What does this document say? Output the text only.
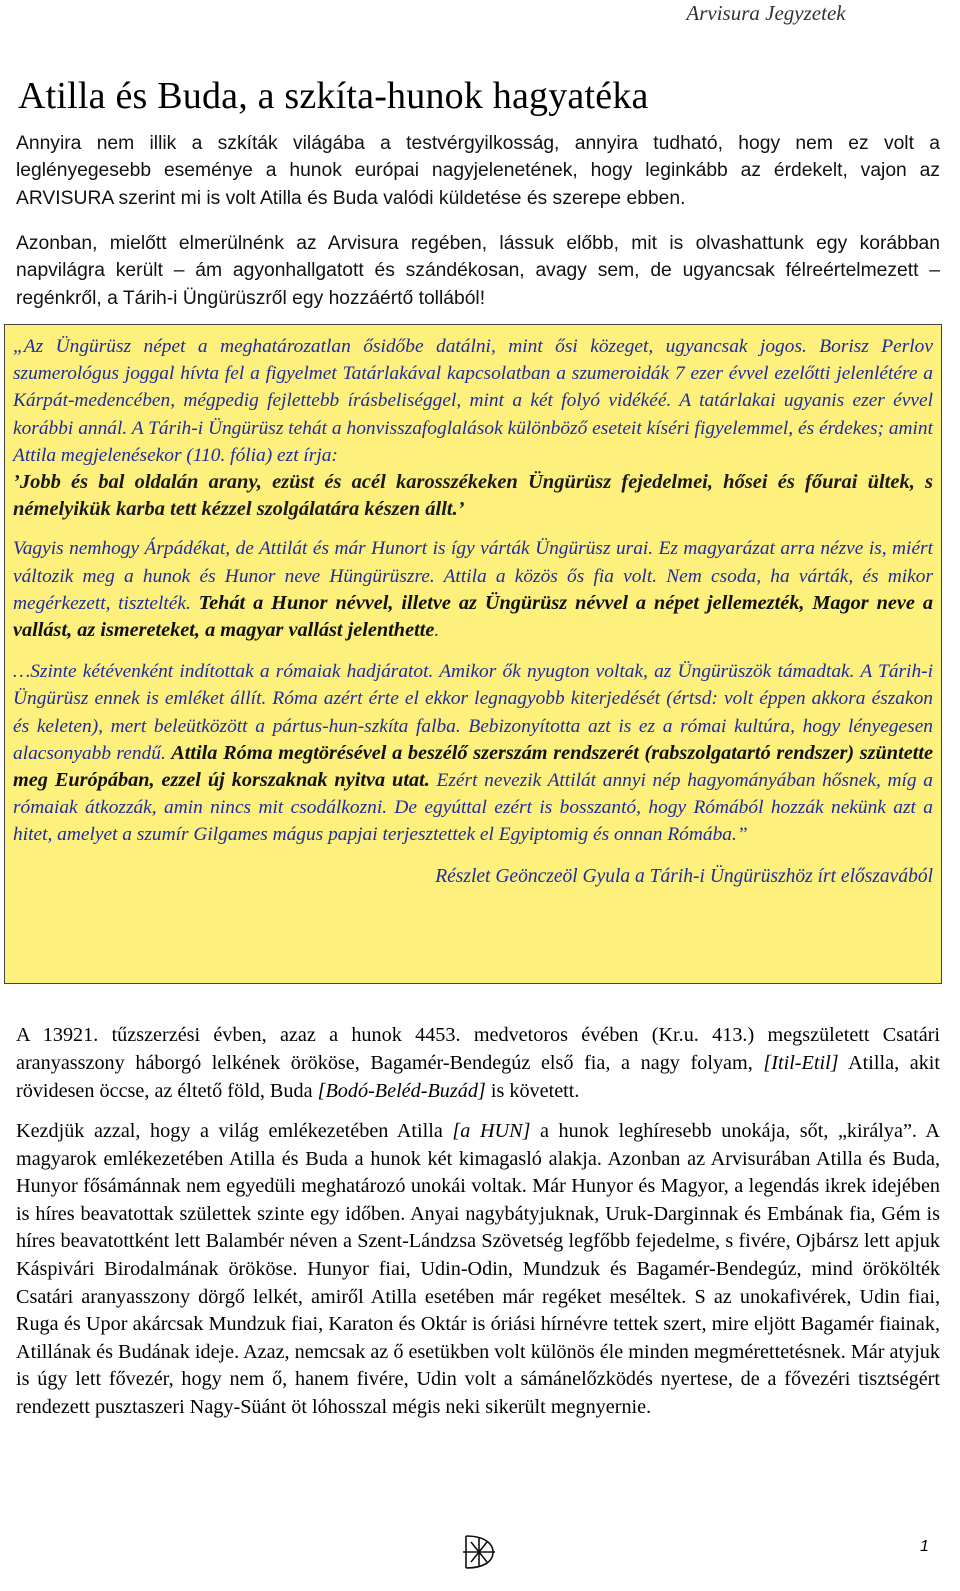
Arvisura Jegyzetek
Atilla és Buda, a szkíta-hunok hagyatéka

Annyira nem illik a szkíták világába a testvérgyilkosság, annyira tudható, hogy nem ez volt a leglényegesebb eseménye a hunok európai nagyjelenetének, hogy leginkább az érdekelt, vajon az ARVISURA szerint mi is volt Atilla és Buda valódi küldetése és szerepe ebben.

Azonban, mielőtt elmerülnénk az Arvisura regében, lássuk előbb, mit is olvashattunk egy korábban napvilágra került – ám agyonhallgatott és szándékosan, avagy sem, de ugyancsak félreértelmezett – regénkről, a Tárih-i Üngürüszről egy hozzáértő tollából!

„Az Üngürüsz népet a meghatározatlan ősidőbe datálni, mint ősi közeget, ugyancsak jogos. Borisz Perlov szumerológus joggal hívta fel a figyelmet Tatárlakával kapcsolatban a szumeroidák 7 ezer évvel ezelőtti jelenlétére a Kárpát-medencében, mégpedig fejlettebb írásbeliséggel, mint a két folyó vidékéé. A tatárlakai ugyanis ezer évvel korábbi annál. A Tárih-i Üngürüsz tehát a honvisszafoglalások különböző eseteit kíséri figyelemmel, és érdekes; amint Attila megjelenésekor (110. fólia) ezt írja:

’Jobb és bal oldalán arany, ezüst és acél karosszékeken Üngürüsz fejedelmei, hősei és főurai ültek, s némelyikük karba tett kézzel szolgálatára készen állt.’

Vagyis nemhogy Árpádékat, de Attilát és már Hunort is így várták Üngürüsz urai. Ez magyarázat arra nézve is, miért változik meg a hunok és Hunor neve Hüngürüszre. Attila a közös ős fia volt. Nem csoda, ha várták, és mikor megérkezett, tisztelték. Tehát a Hunor névvel, illetve az Üngürüsz névvel a népet jellemezték, Magor neve a vallást, az ismereteket, a magyar vallást jelenthette.

…Szinte kétévenként indítottak a rómaiak hadjáratot. Amikor ők nyugton voltak, az Üngürüszök támadtak. A Tárih-i Üngürüsz ennek is emléket állít. Róma azért érte el ekkor legnagyobb kiterjedését (értsd: volt éppen akkora északon és keleten), mert beleütközött a pártus-hun-szkíta falba. Bebizonyította azt is ez a római kultúra, hogy lényegesen alacsonyabb rendű. Attila Róma megtörésével a beszélő szerszám rendszerét (rabszolgatartó rendszer) szüntette meg Európában, ezzel új korszaknak nyitva utat. Ezért nevezik Attilát annyi nép hagyományában hősnek, míg a rómaiak átkozzák, amin nincs mit csodálkozni. De egyúttal ezért is bosszantó, hogy Rómából hozzák nekünk azt a hitet, amelyet a szumír Gilgames mágus papjai terjesztettek el Egyiptomig és onnan Rómába.”

Részlet Geönczeöl Gyula a Tárih-i Üngürüszhöz írt előszavából

A 13921. tűzszerzési évben, azaz a hunok 4453. medvetoros évében (Kr.u. 413.) megszületett Csatári aranyasszony háborgó lelkének örököse, Bagamér-Bendegúz első fia, a nagy folyam, [Itil-Etil] Atilla, akit rövidesen öccse, az éltető föld, Buda [Bodó-Beléd-Buzád] is követett.

Kezdjük azzal, hogy a világ emlékezetében Atilla [a HUN] a hunok leghíresebb unokája, sőt, „királya”. A magyarok emlékezetében Atilla és Buda a hunok két kimagasló alakja. Azonban az Arvisurában Atilla és Buda, Hunyor fősámánnak nem egyedüli meghatározó unokái voltak. Már Hunyor és Magyor, a legendás ikrek idejében is híres beavatottak születtek szinte egy időben. Anyai nagybátyjuknak, Uruk-Darginnak és Embának fia, Gém is híres beavatottként lett Balambér néven a Szent-Lándzsa Szövetség legfőbb fejedelme, s fivére, Ojbársz lett apjuk Káspivári Birodalmának örököse. Hunyor fiai, Udin-Odin, Mundzuk és Bagamér-Bendegúz, mind örökölték Csatári aranyasszony dörgő lelkét, amiről Atilla esetében már regéket meséltek. S az unokafivérek, Udin fiai, Ruga és Upor akárcsak Mundzuk fiai, Karaton és Oktár is óriási hírnévre tettek szert, mire eljött Bagamér fiainak, Atillának és Budának ideje. Azaz, nemcsak az ő esetükben volt különös éle minden megmérettetésnek. Már atyjuk is úgy lett fővezér, hogy nem ő, hanem fivére, Udin volt a sámánelőzködés nyertese, de a fővezéri tisztségért rendezett pusztaszeri Nagy-Süánt öt lóhosszal mégis neki sikerült megnyernie.

1
